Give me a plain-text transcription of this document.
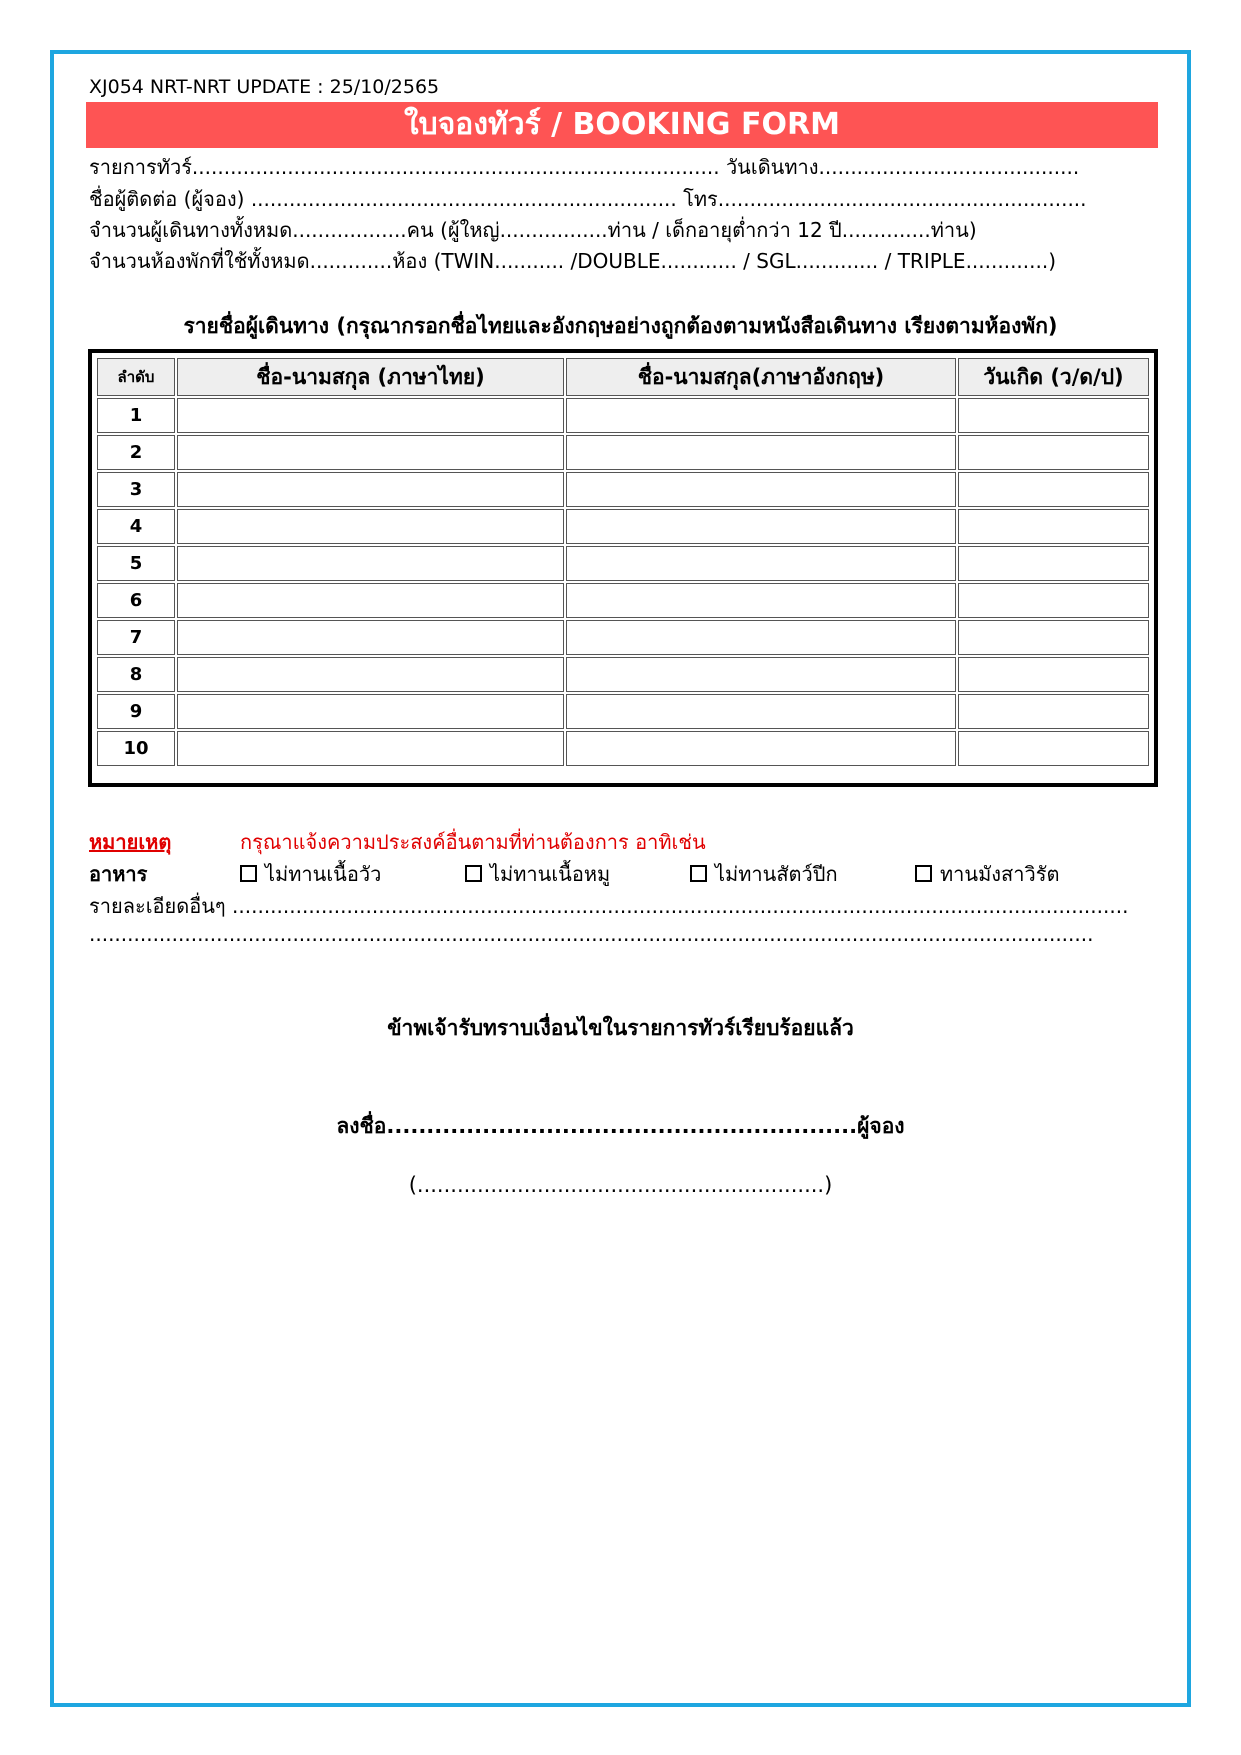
XJ054 NRT-NRT UPDATE : 25/10/2565
ใบจองทัวร์ / BOOKING FORM
รายการทัวร์................................................................................... วันเดินทาง.........................................
ชื่อผู้ติดต่อ (ผู้จอง) ................................................................... โทร..........................................................
จำนวนผู้เดินทางทั้งหมด..................คน (ผู้ใหญ่.................ท่าน / เด็กอายุต่ำกว่า 12 ปี..............ท่าน)
จำนวนห้องพักที่ใช้ทั้งหมด.............ห้อง (TWIN........... /DOUBLE............ / SGL............. / TRIPLE.............)
รายชื่อผู้เดินทาง (กรุณากรอกชื่อไทยและอังกฤษอย่างถูกต้องตามหนังสือเดินทาง เรียงตามห้องพัก)
ลำดับ	ชื่อ-นามสกุล (ภาษาไทย)	ชื่อ-นามสกุล(ภาษาอังกฤษ)	วันเกิด (ว/ด/ป)
1			
2			
3			
4			
5			
6			
7			
8			
9			
10			
หมายเหตุ	กรุณาแจ้งความประสงค์อื่นตามที่ท่านต้องการ อาทิเช่น
อาหาร	ไม่ทานเนื้อวัว	ไม่ทานเนื้อหมู	ไม่ทานสัตว์ปีก	ทานมังสาวิรัต
รายละเอียดอื่นๆ .............................................................................................................................................
..............................................................................................................................................................
ข้าพเจ้ารับทราบเงื่อนไขในรายการทัวร์เรียบร้อยแล้ว
ลงชื่อ...........................................................ผู้จอง
(.............................................................)
